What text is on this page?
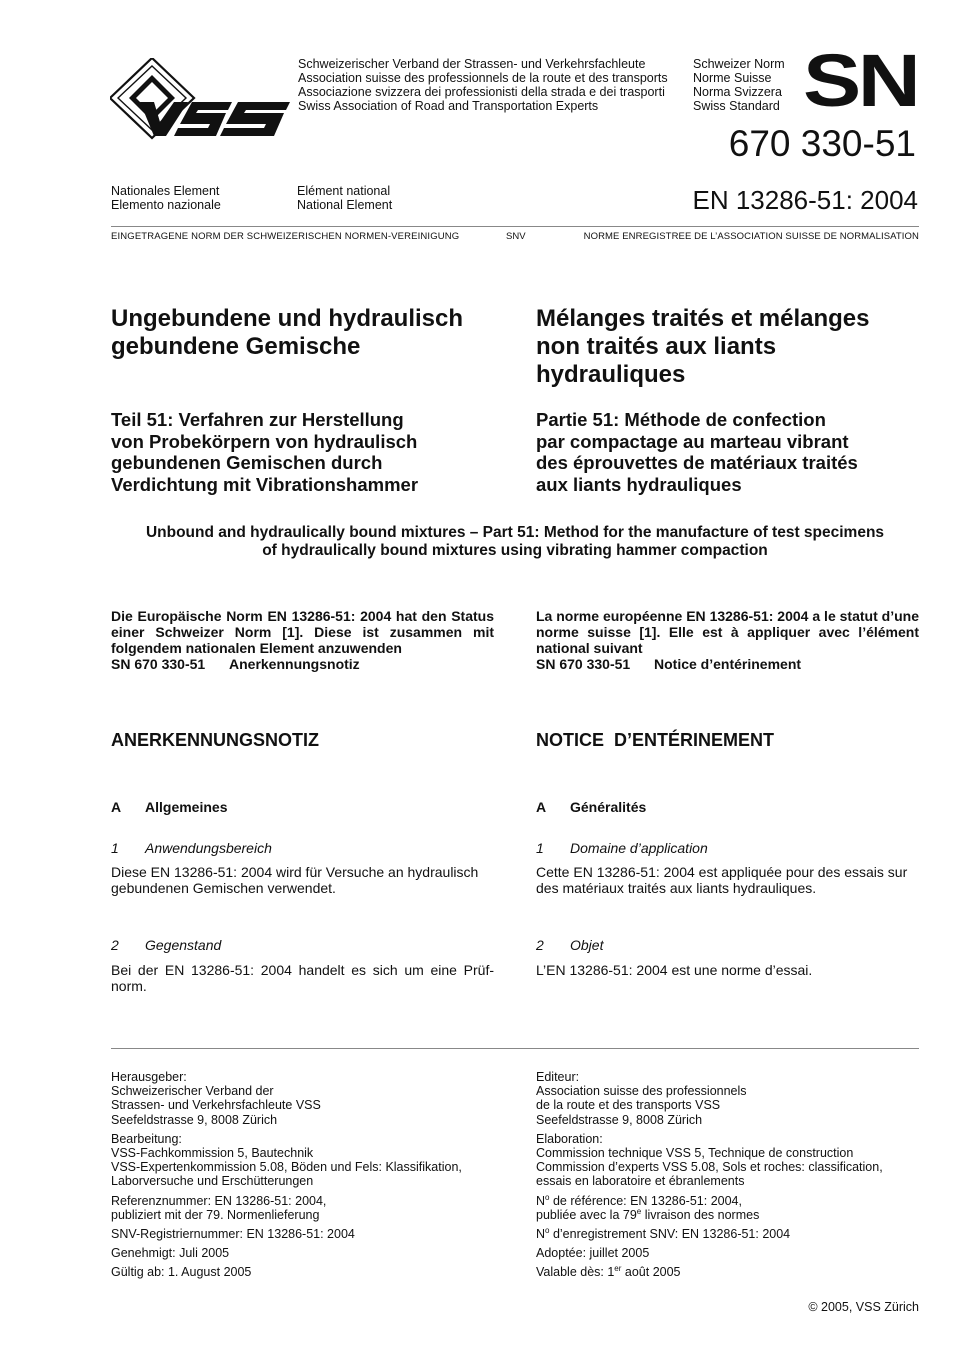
Schweizerischer Verband der Strassen- und Verkehrsfachleute
Association suisse des professionnels de la route et des transports
Associazione svizzera dei professionisti della strada e dei trasporti
Swiss Association of Road and Transportation Experts
Schweizer Norm
Norme Suisse
Norma Svizzera
Swiss Standard SN
670 330-51
Nationales Element
Elemento nazionale
Elément national
National Element	EN 13286-51: 2004
EINGETRAGENE NORM DER SCHWEIZERISCHEN NORMEN-VEREINIGUNG	SNV	NORME ENREGISTREE DE L’ASSOCIATION SUISSE DE NORMALISATION
Ungebundene und hydraulisch
gebundene Gemische
Mélanges traités et mélanges
non traités aux liants
hydrauliques
Teil 51: Verfahren zur Herstellung
von Probekörpern von hydraulisch
gebundenen Gemischen durch
Verdichtung mit Vibrationshammer
Partie 51: Méthode de confection
par compactage au marteau vibrant
des éprouvettes de matériaux traités
aux liants hydrauliques
Unbound and hydraulically bound mixtures – Part 51: Method for the manufacture of test specimens
of hydraulically bound mixtures using vibrating hammer compaction
Die Europäische Norm EN 13286-51: 2004 hat den Status einer Schweizer Norm [1]. Diese ist zusammen mit folgendem nationalen Element anzuwenden
SN 670 330-51 Anerkennungsnotiz
La norme européenne EN 13286-51: 2004 a le statut d’une norme suisse [1]. Elle est à appliquer avec l’élément national suivant
SN 670 330-51 Notice d’entérinement
ANERKENNUNGSNOTIZ	NOTICE  D’ENTÉRINEMENT
A Allgemeines	A Généralités
1 Anwendungsbereich	1 Domaine d’application
Diese EN 13286-51: 2004 wird für Versuche an hydraulisch gebundenen Gemischen verwendet.
Cette EN 13286-51: 2004 est appliquée pour des essais sur des matériaux traités aux liants hydrauliques.
2 Gegenstand	2 Objet
Bei der EN 13286-51: 2004 handelt es sich um eine Prüfnorm.
L’EN 13286-51: 2004 est une norme d’essai.

Herausgeber:
Schweizerischer Verband der
Strassen- und Verkehrsfachleute VSS
Seefeldstrasse 9, 8008 Zürich

Bearbeitung:
VSS-Fachkommission 5, Bautechnik
VSS-Expertenkommission 5.08, Böden und Fels: Klassifikation,
Laborversuche und Erschütterungen

Referenznummer: EN 13286-51: 2004,
publiziert mit der 79. Normenlieferung

SNV-Registriernummer: EN 13286-51: 2004

Genehmigt: Juli 2005

Gültig ab: 1. August 2005

Editeur:
Association suisse des professionnels
de la route et des transports VSS
Seefeldstrasse 9, 8008 Zürich

Elaboration:
Commission technique VSS 5, Technique de construction
Commission d’experts VSS 5.08, Sols et roches: classification,
essais en laboratoire et ébranlements

$N^o$ de référence: EN 13286-51: 2004,
publiée avec la 79e livraison des normes

$N^o$ d’enregistrement SNV: EN 13286-51: 2004

Adoptée: juillet 2005

Valable dès: 1er août 2005

© 2005, VSS Zürich
